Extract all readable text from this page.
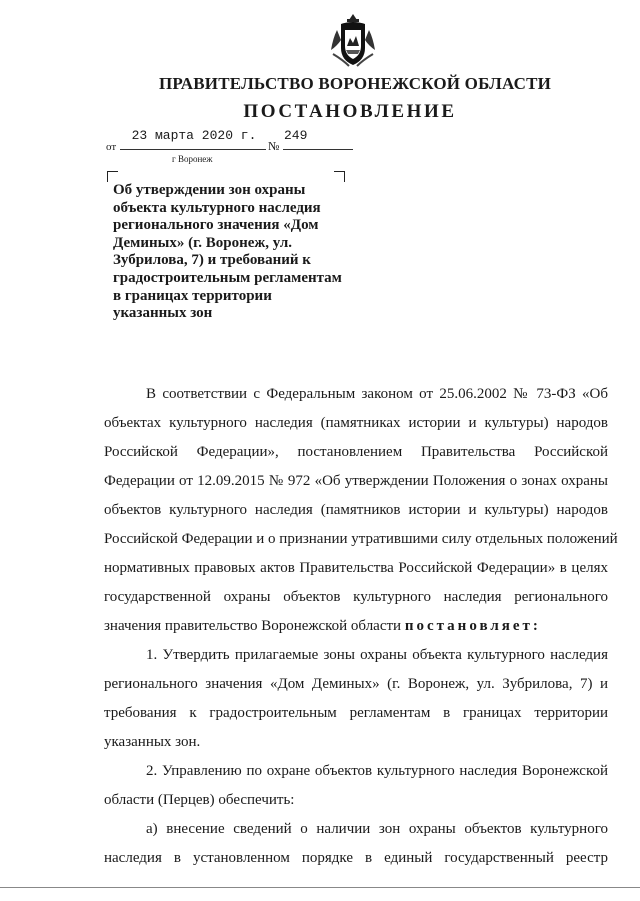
ПРАВИТЕЛЬСТВО ВОРОНЕЖСКОЙ ОБЛАСТИ
ПОСТАНОВЛЕНИЕ
от
23 марта 2020 г.
№
249
г Воронеж
Об утверждении зон охраны
объекта культурного наследия
регионального значения «Дом
Деминых» (г. Воронеж, ул.
Зубрилова, 7) и требований к
градостроительным регламентам
в границах территории
указанных зон
В соответствии с Федеральным законом от 25.06.2002 № 73-ФЗ «Об
объектах культурного наследия (памятниках истории и культуры) народов
Российской Федерации», постановлением Правительства Российской
Федерации от 12.09.2015 № 972 «Об утверждении Положения о зонах охраны
объектов культурного наследия (памятников истории и культуры) народов
Российской Федерации и о признании утратившими силу отдельных положений
нормативных правовых актов Правительства Российской Федерации» в целях
государственной охраны объектов культурного наследия регионального
значения правительство Воронежской области постановляет:
1. Утвердить прилагаемые зоны охраны объекта культурного наследия
регионального значения «Дом Деминых» (г. Воронеж, ул. Зубрилова, 7) и
требования к градостроительным регламентам в границах территории
указанных зон.
2. Управлению по охране объектов культурного наследия Воронежской
области (Перцев) обеспечить:
а) внесение сведений о наличии зон охраны объектов культурного
наследия в установленном порядке в единый государственный реестр
